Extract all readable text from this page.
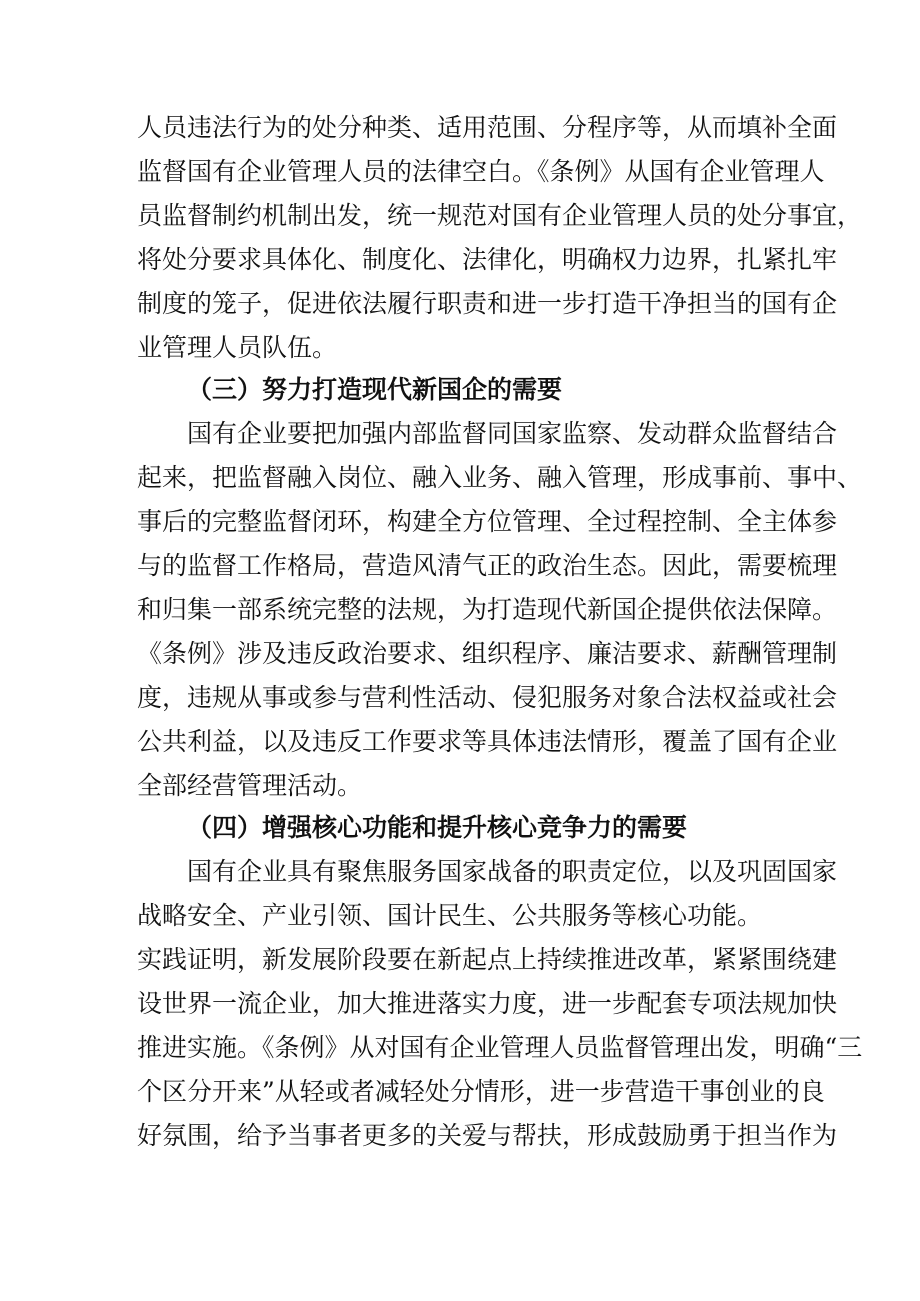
人员违法行为的处分种类、适用范围、分程序等，从而填补全面
监督国有企业管理人员的法律空白。《条例》从国有企业管理人
员监督制约机制出发，统一规范对国有企业管理人员的处分事宜，
将处分要求具体化、制度化、法律化，明确权力边界，扎紧扎牢
制度的笼子，促进依法履行职责和进一步打造干净担当的国有企
业管理人员队伍。
（三）努力打造现代新国企的需要
国有企业要把加强内部监督同国家监察、发动群众监督结合
起来，把监督融入岗位、融入业务、融入管理，形成事前、事中、
事后的完整监督闭环，构建全方位管理、全过程控制、全主体参
与的监督工作格局，营造风清气正的政治生态。因此，需要梳理
和归集一部系统完整的法规，为打造现代新国企提供依法保障。
《条例》涉及违反政治要求、组织程序、廉洁要求、薪酬管理制
度，违规从事或参与营利性活动、侵犯服务对象合法权益或社会
公共利益，以及违反工作要求等具体违法情形，覆盖了国有企业
全部经营管理活动。
（四）增强核心功能和提升核心竞争力的需要
国有企业具有聚焦服务国家战备的职责定位，以及巩固国家
战略安全、产业引领、国计民生、公共服务等核心功能。
实践证明，新发展阶段要在新起点上持续推进改革，紧紧围绕建
设世界一流企业，加大推进落实力度，进一步配套专项法规加快
推进实施。《条例》从对国有企业管理人员监督管理出发，明确“三
个区分开来”从轻或者减轻处分情形，进一步营造干事创业的良
好氛围，给予当事者更多的关爱与帮扶，形成鼓励勇于担当作为
